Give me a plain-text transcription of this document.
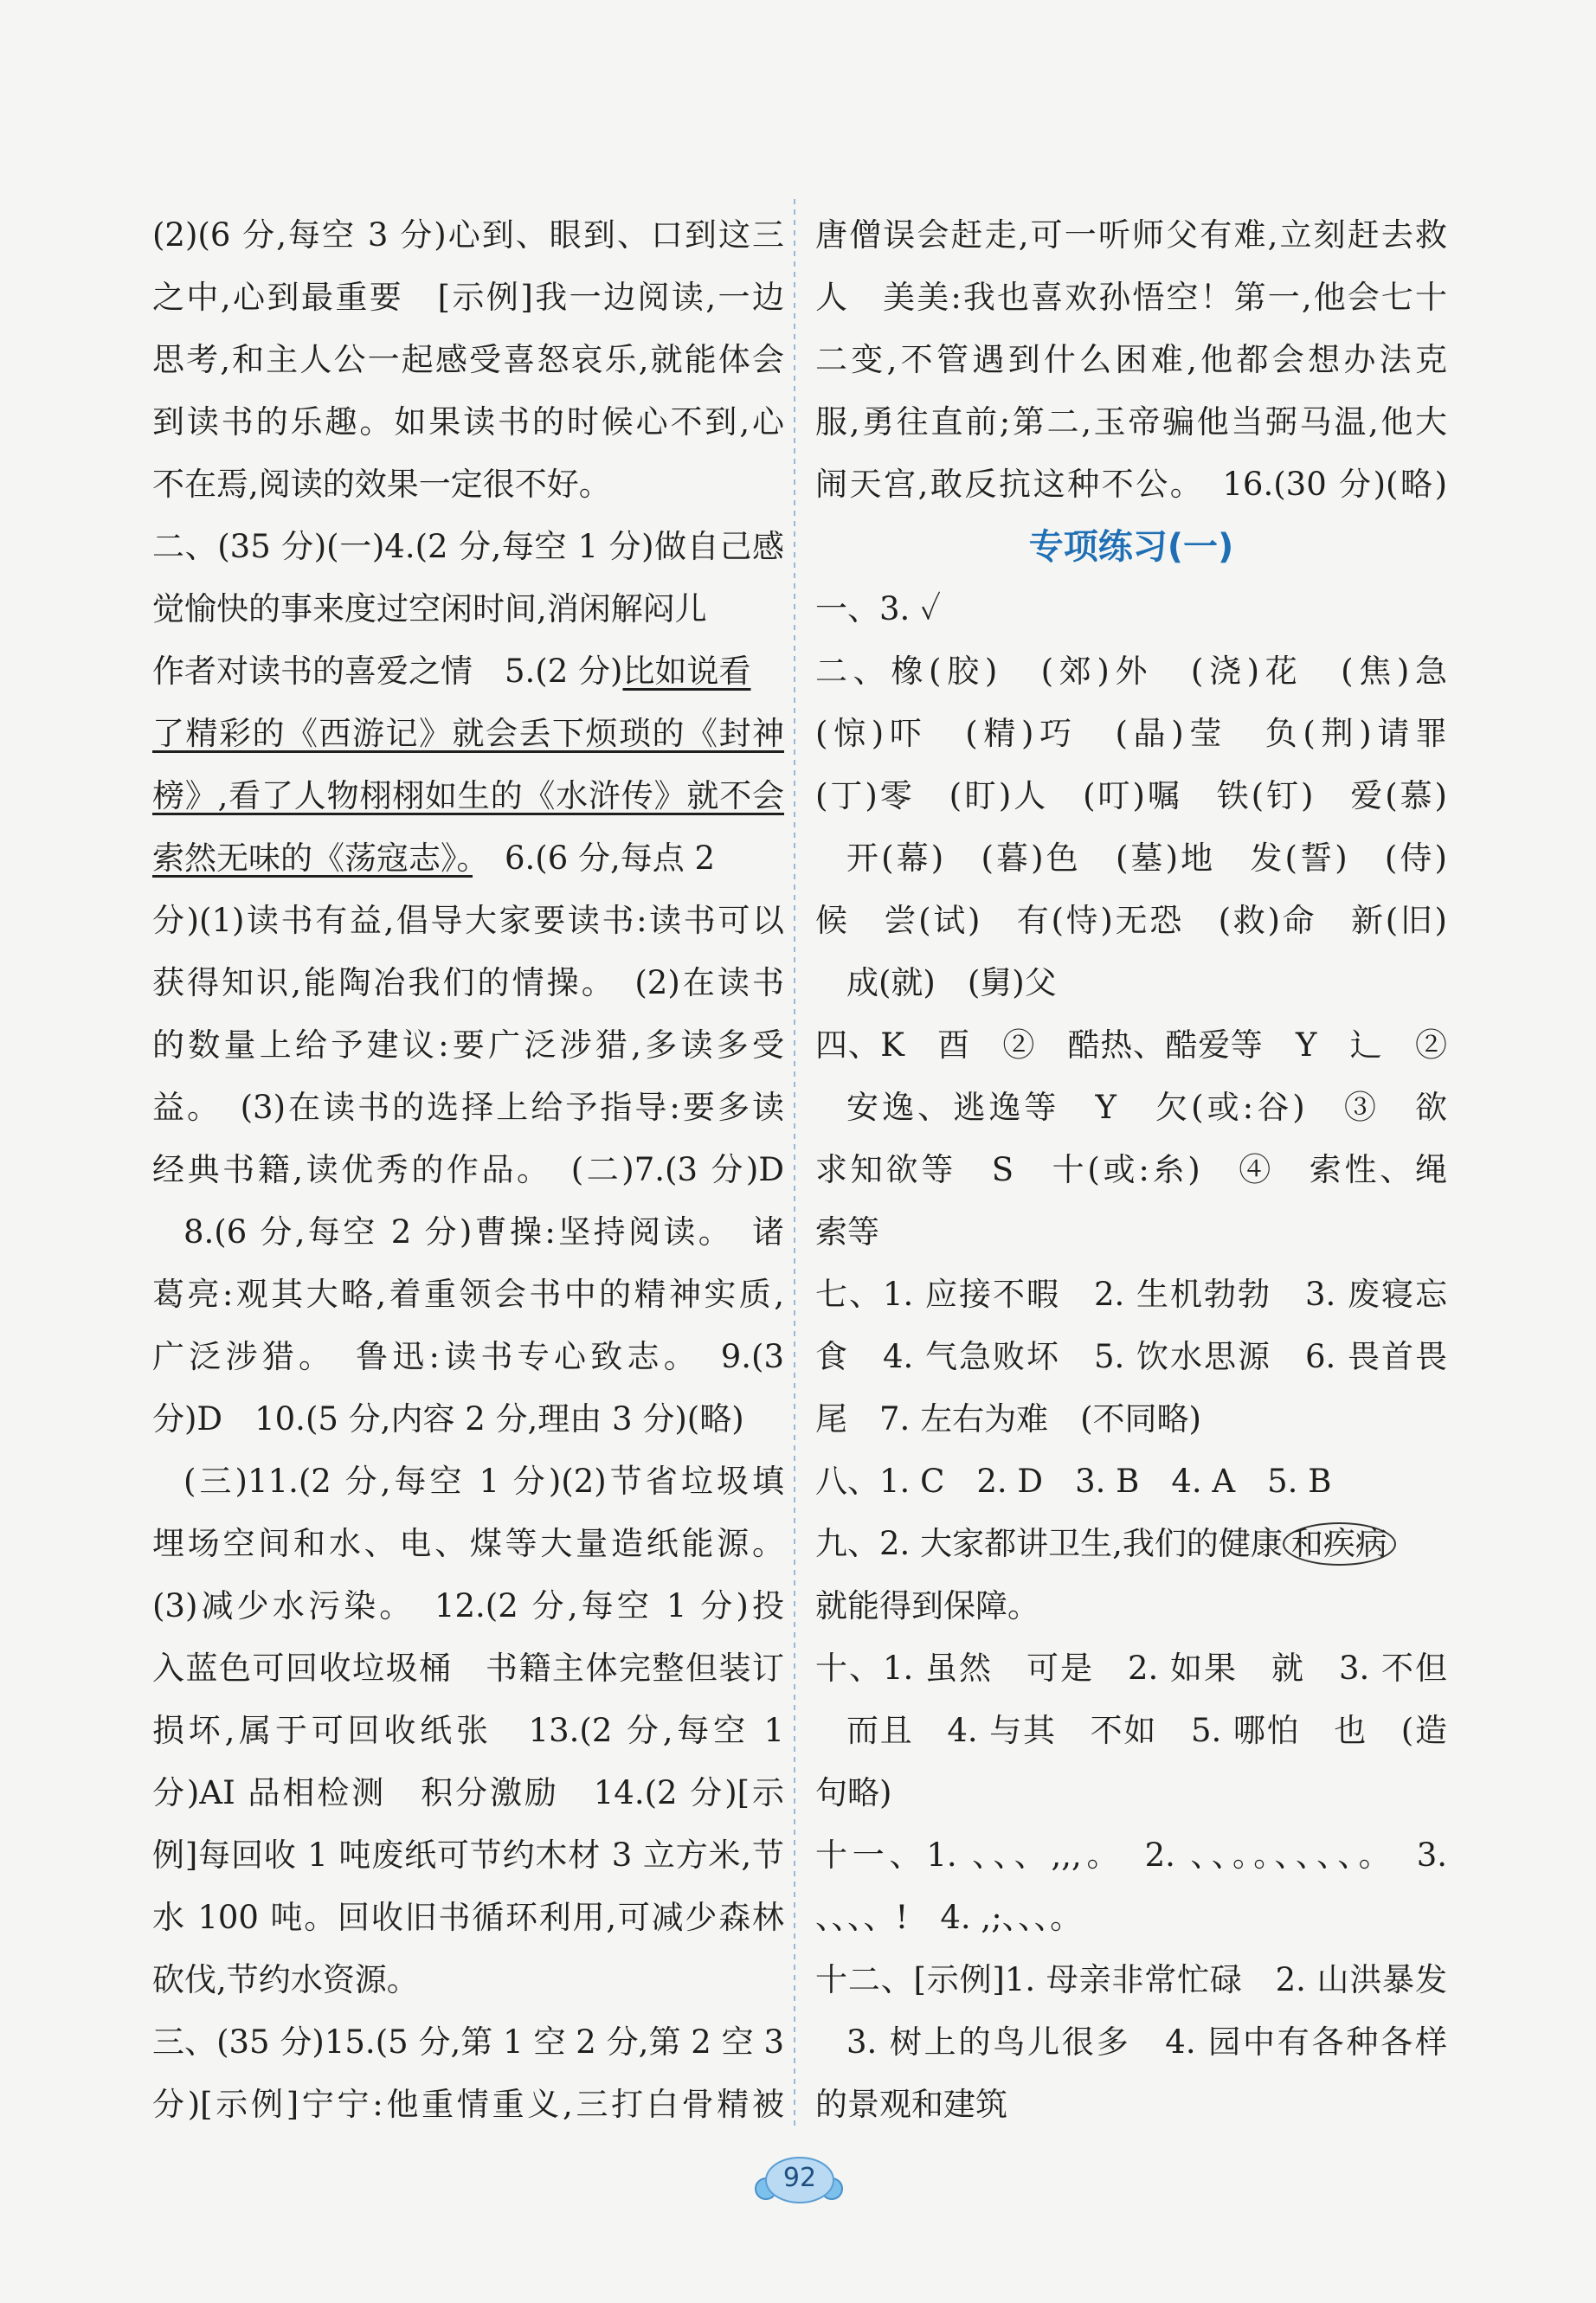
(2)(6 分,每空 3 分)心到、眼到、口到这三
之中,心到最重要　[示例]我一边阅读,一边
思考,和主人公一起感受喜怒哀乐,就能体会
到读书的乐趣。如果读书的时候心不到,心
不在焉,阅读的效果一定很不好。
二、(35 分)(一)4.(2 分,每空 1 分)做自己感
觉愉快的事来度过空闲时间,消闲解闷儿
作者对读书的喜爱之情　5.(2 分)比如说看
了精彩的《西游记》就会丢下烦琐的《封神
榜》,看了人物栩栩如生的《水浒传》就不会
索然无味的《荡寇志》。　6.(6 分,每点 2
分)(1)读书有益,倡导大家要读书:读书可以
获得知识,能陶冶我们的情操。　(2)在读书
的数量上给予建议:要广泛涉猎,多读多受
益。　(3)在读书的选择上给予指导:要多读
经典书籍,读优秀的作品。　(二)7.(3 分)D
8.(6 分,每空 2 分)曹操:坚持阅读。　诸
葛亮:观其大略,着重领会书中的精神实质,
广泛涉猎。　鲁迅:读书专心致志。　9.(3
分)D　10.(5 分,内容 2 分,理由 3 分)(略)
(三)11.(2 分,每空 1 分)(2)节省垃圾填
埋场空间和水、电、煤等大量造纸能源。
(3)减少水污染。　12.(2 分,每空 1 分)投
入蓝色可回收垃圾桶　书籍主体完整但装订
损坏,属于可回收纸张　13.(2 分,每空 1
分)AI 品相检测　积分激励　14.(2 分)[示
例]每回收 1 吨废纸可节约木材 3 立方米,节
水 100 吨。回收旧书循环利用,可减少森林
砍伐,节约水资源。
三、(35 分)15.(5 分,第 1 空 2 分,第 2 空 3
分)[示例]宁宁:他重情重义,三打白骨精被
唐僧误会赶走,可一听师父有难,立刻赶去救
人　美美:我也喜欢孙悟空！第一,他会七十
二变,不管遇到什么困难,他都会想办法克
服,勇往直前;第二,玉帝骗他当弼马温,他大
闹天宫,敢反抗这种不公。　16.(30 分)(略)
专项练习(一)
一、3. ✓
二、橡(胶)　(郊)外　(浇)花　(焦)急
(惊)吓　(精)巧　(晶)莹　负(荆)请罪
(丁)零　(盯)人　(叮)嘱　铁(钉)　爱(慕)
开(幕)　(暮)色　(墓)地　发(誓)　(侍)
候　尝(试)　有(恃)无恐　(救)命　新(旧)
成(就)　(舅)父
四、K　酉　②　酷热、酷爱等　Y　辶　②
安逸、逃逸等　Y　欠(或:谷)　③　欲
求知欲等　S　十(或:糸)　④　索性、绳
索等
七、1. 应接不暇　2. 生机勃勃　3. 废寝忘
食　4. 气急败坏　5. 饮水思源　6. 畏首畏
尾　7. 左右为难　(不同略)
八、1. C　2. D　3. B　4. A　5. B
九、2. 大家都讲卫生,我们的健康 和疾病
就能得到保障。
十、1. 虽然　可是　2. 如果　就　3. 不但
而且　4. 与其　不如　5. 哪怕　也　(造
句略)
十一、1. 、、、,,,。　2. 、、。。、、、、。　3.
、、、、!　4. ,;、、、。
十二、[示例]1. 母亲非常忙碌　2. 山洪暴发
3. 树上的鸟儿很多　4. 园中有各种各样
的景观和建筑
92
